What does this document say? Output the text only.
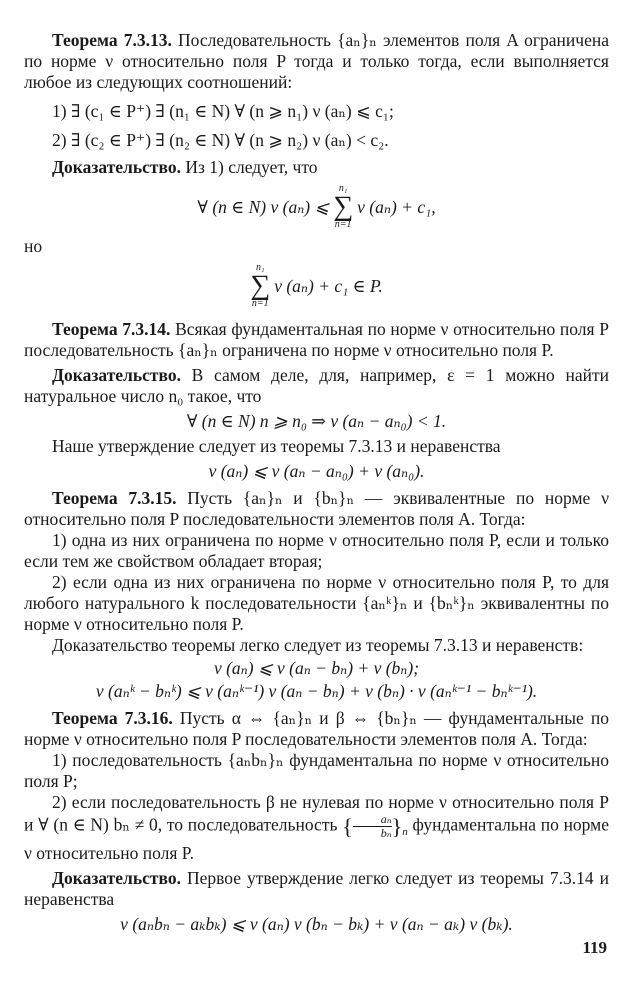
Теорема 7.3.13. Последовательность {aₙ}ₙ элементов поля A ограничена по норме ν относительно поля P тогда и только тогда, если выполняется любое из следующих соотношений:

1) ∃ (c₁ ∈ P⁺) ∃ (n₁ ∈ N) ∀ (n ⩾ n₁) ν (aₙ) ⩽ c₁;

2) ∃ (c₂ ∈ P⁺) ∃ (n₂ ∈ N) ∀ (n ⩾ n₂) ν (aₙ) < c₂.

Доказательство. Из 1) следует, что

∀ (n ∈ N) ν (aₙ) ⩽
n₁
∑
n=1
ν (aₙ) + c₁,

но

n₁
∑
n=1
ν (aₙ) + c₁ ∈ P.

Теорема 7.3.14. Всякая фундаментальная по норме ν относительно поля P последовательность {aₙ}ₙ ограничена по норме ν относительно поля P.

Доказательство. В самом деле, для, например, ε = 1 можно найти натуральное число n₀ такое, что

∀ (n ∈ N) n ⩾ n₀ ⇒ ν (aₙ − aₙ₀) < 1.

Наше утверждение следует из теоремы 7.3.13 и неравенства

ν (aₙ) ⩽ ν (aₙ − aₙ₀) + ν (aₙ₀).

Теорема 7.3.15. Пусть {aₙ}ₙ и {bₙ}ₙ — эквивалентные по норме ν относительно поля P последовательности элементов поля A. Тогда:

1) одна из них ограничена по норме ν относительно поля P, если и только если тем же свойством обладает вторая;

2) если одна из них ограничена по норме ν относительно поля P, то для любого натурального k последовательности {aₙᵏ}ₙ и {bₙᵏ}ₙ эквивалентны по норме ν относительно поля P.

Доказательство теоремы легко следует из теоремы 7.3.13 и неравенств:

ν (aₙ) ⩽ ν (aₙ − bₙ) + ν (bₙ);

ν (aₙᵏ − bₙᵏ) ⩽ ν (aₙᵏ⁻¹) ν (aₙ − bₙ) + ν (bₙ) · ν (aₙᵏ⁻¹ − bₙᵏ⁻¹).

Теорема 7.3.16. Пусть α ⇔ {aₙ}ₙ и β ⇔ {bₙ}ₙ — фундаментальные по норме ν относительно поля P последовательности элементов поля A. Тогда:

1) последовательность {aₙbₙ}ₙ фундаментальна по норме ν относительно поля P;

2) если последовательность β не нулевая по норме ν относительно поля P и ∀ (n ∈ N) bₙ ≠ 0, то последовательность { $\frac{\text{aₙ}}{\text{bₙ}} \}_n$ фундаментальна по норме ν относительно поля P.

Доказательство. Первое утверждение легко следует из теоремы 7.3.14 и неравенства

ν (aₙbₙ − aₖbₖ) ⩽ ν (aₙ) ν (bₙ − bₖ) + ν (aₙ − aₖ) ν (bₖ).

119
